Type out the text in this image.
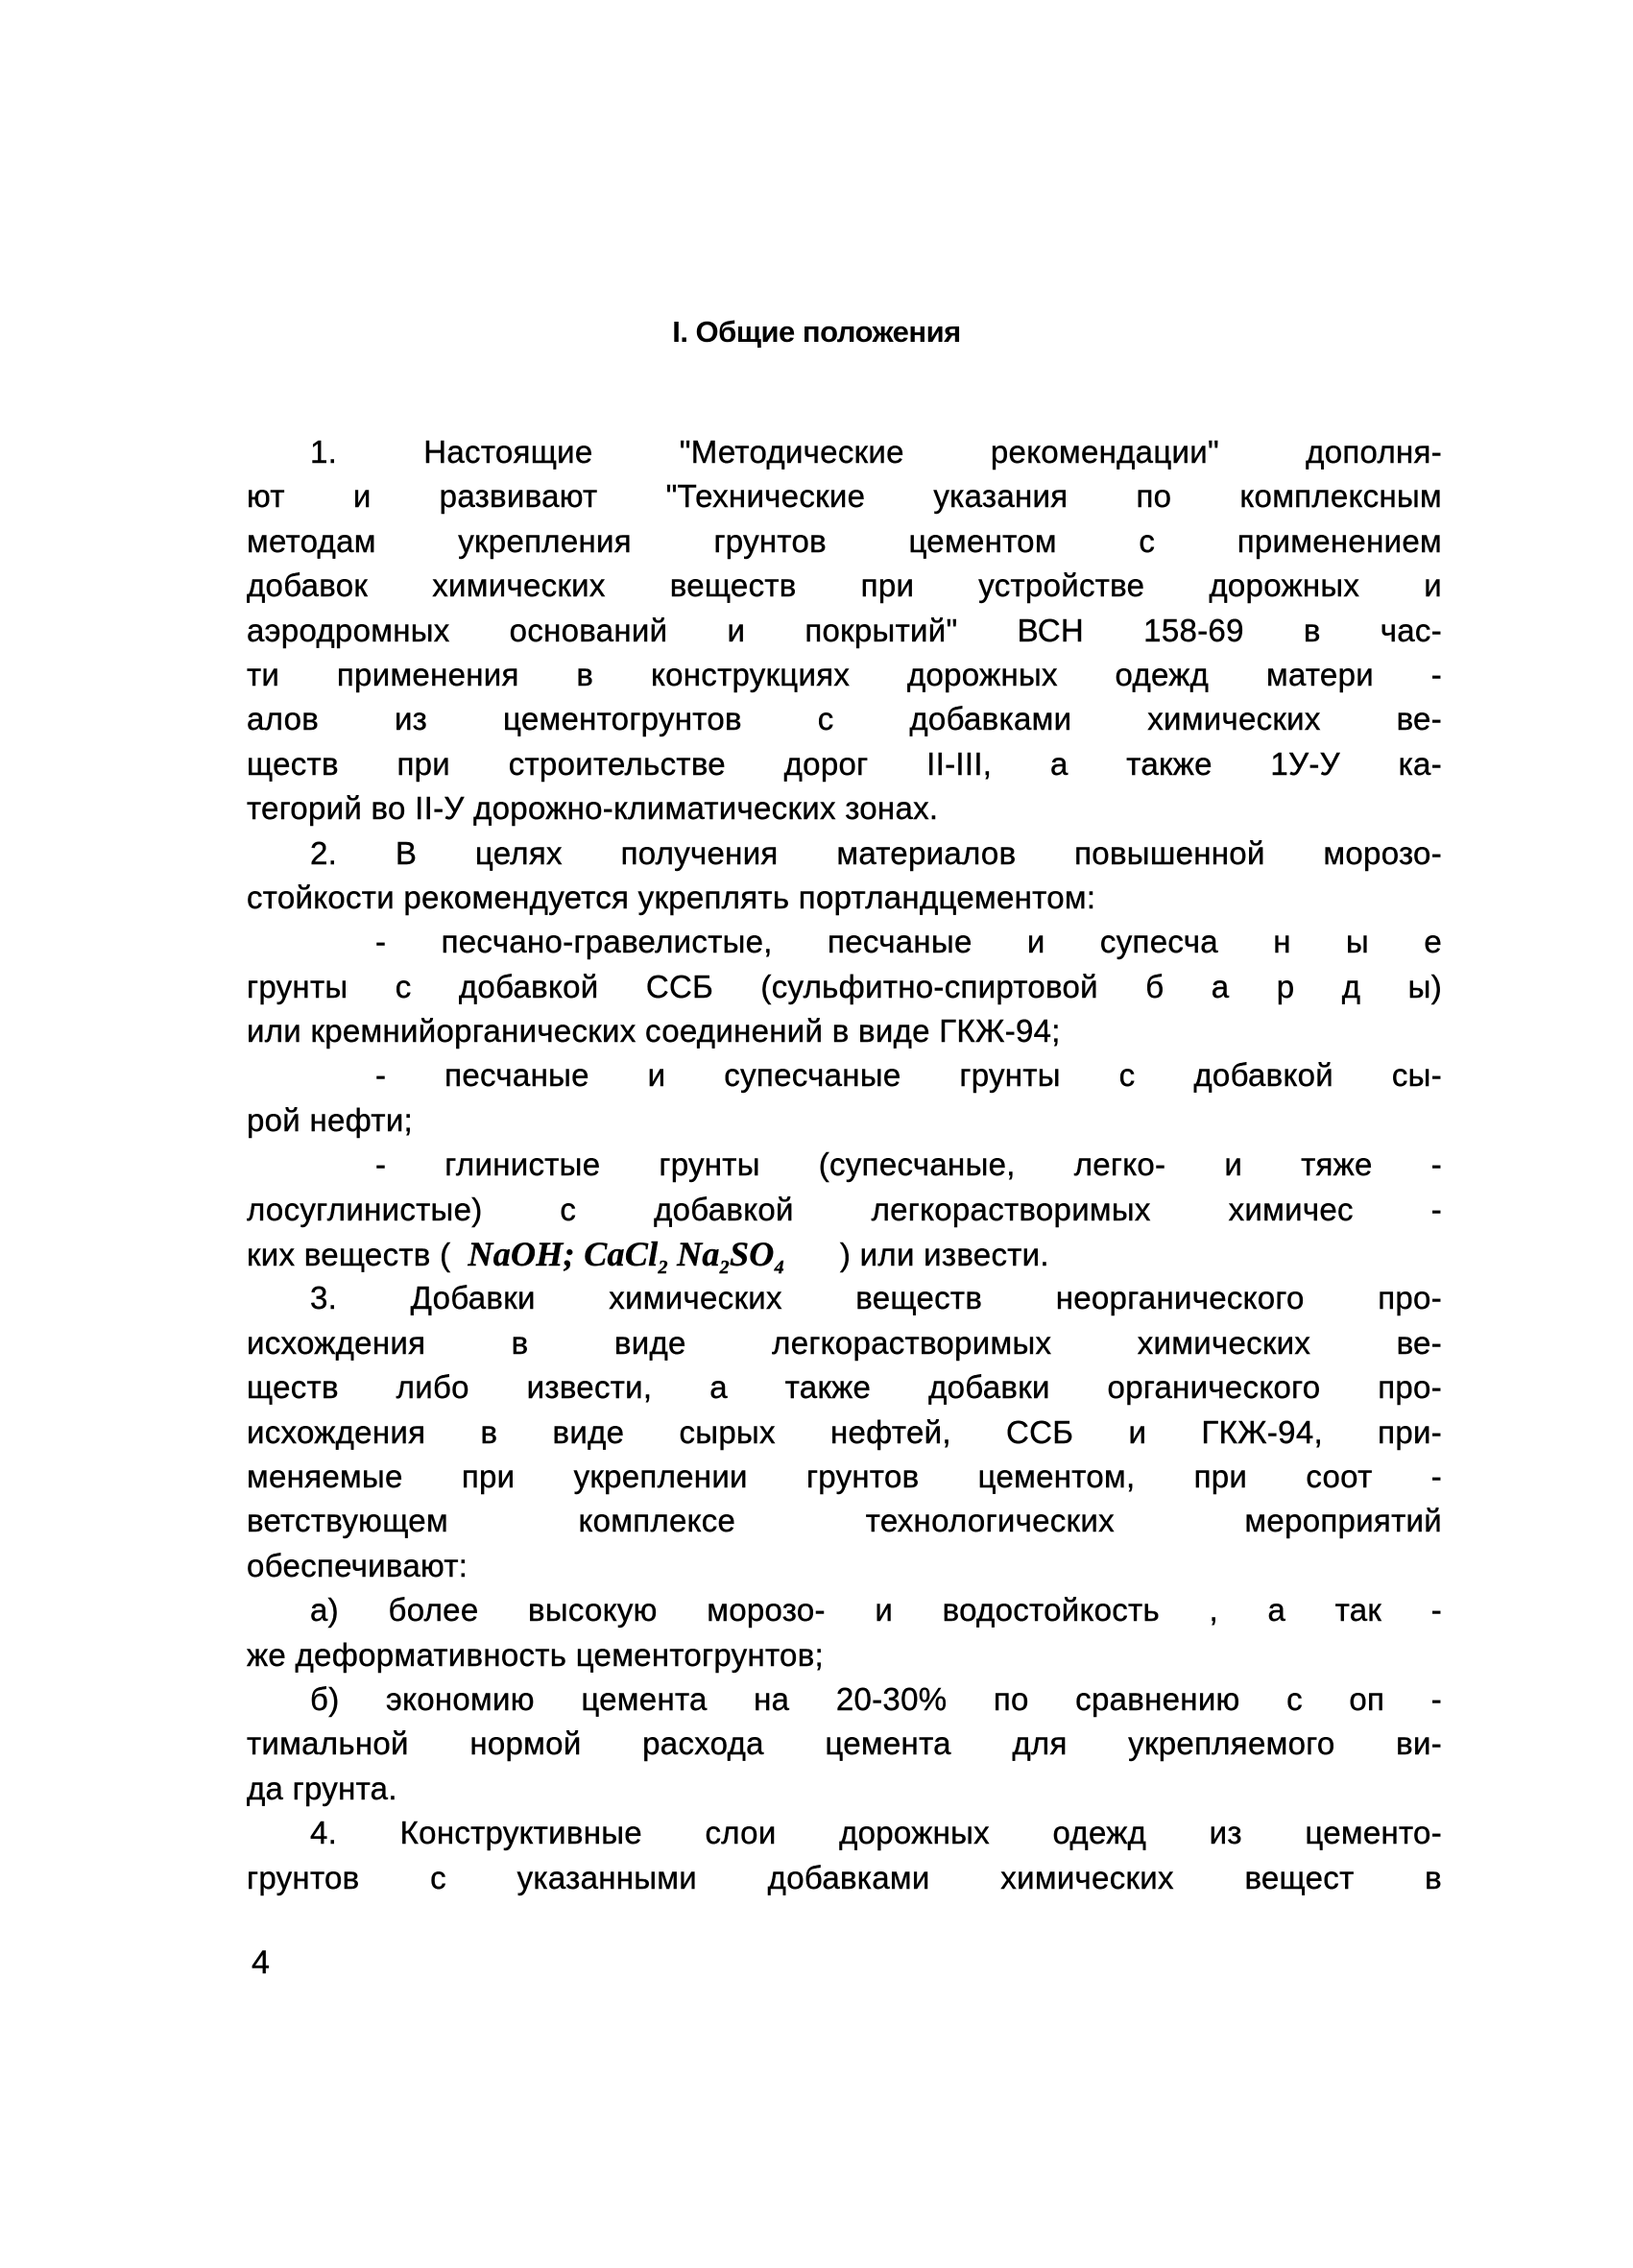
I. Общие положения
1. Настоящие "Методические рекомендации" дополня-
ют и развивают "Технические указания по комплексным
методам укрепления грунтов цементом с применением
добавок химических веществ при устройстве дорожных и
аэродромных оснований и покрытий" ВСН 158-69 в час-
ти применения в конструкциях дорожных одежд матери -
алов из цементогрунтов с добавками химических ве-
ществ при строительстве дорог II-III, а также 1У-У ка-
тегорий во II-У дорожно-климатических зонах.
2. В целях получения материалов повышенной морозо-
стойкости рекомендуется укреплять портландцементом:
- песчано-гравелистые, песчаные и супесча н ы е
грунты с добавкой ССБ (сульфитно-спиртовой б а р д ы)
или кремнийорганических соединений в виде ГКЖ-94;
- песчаные и супесчаные грунты с добавкой сы-
рой нефти;
- глинистые грунты (супесчаные, легко- и тяже -
лосуглинистые) с добавкой легкорастворимых химичес -
ких веществ ( NaOH; CaCl$_2$ $Na_2SO_4$ ) или извести.
3. Добавки химических веществ неорганического про-
исхождения в виде легкорастворимых химических ве-
ществ либо извести, а также добавки органического про-
исхождения в виде сырых нефтей, ССБ и ГКЖ-94, при-
меняемые при укреплении грунтов цементом, при соот -
ветствующем комплексе технологических мероприятий
обеспечивают:
а) более высокую морозо- и водостойкость , а так -
же деформативность цементогрунтов;
б) экономию цемента на 20-30% по сравнению с оп -
тимальной нормой расхода цемента для укрепляемого ви-
да грунта.
4. Конструктивные слои дорожных одежд из цементо-
грунтов с указанными добавками химических вещест в
4
